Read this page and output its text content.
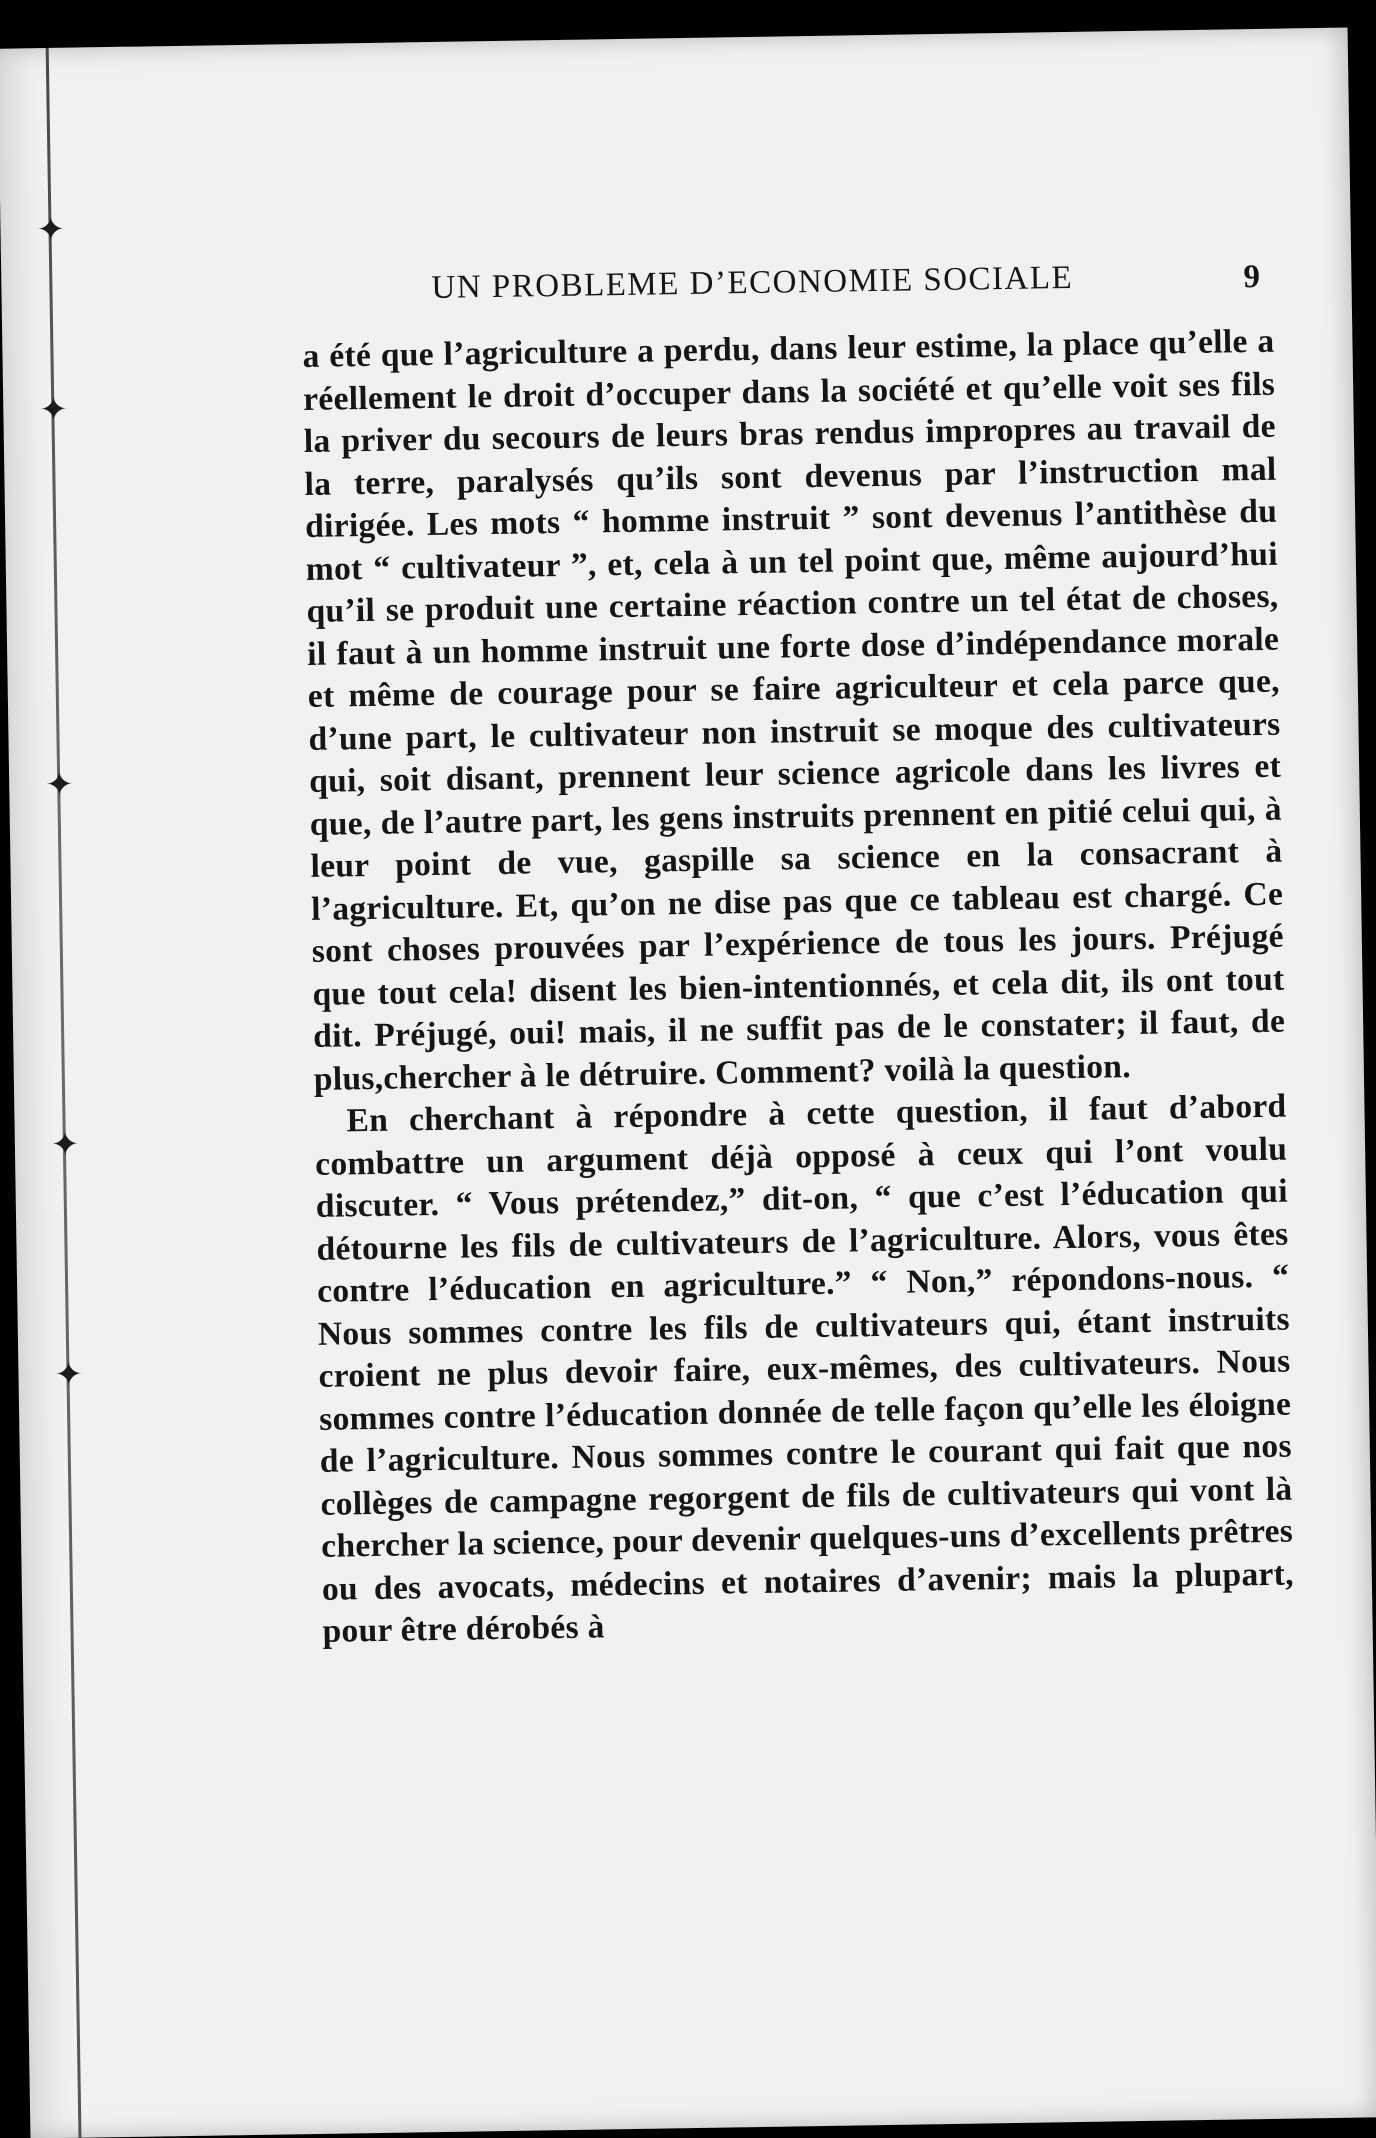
✦
✦
✦
✦
✦
UN PROBLEME D’ECONOMIE SOCIALE	9

a été que l’agriculture a perdu, dans leur estime, la place qu’elle a réellement le droit d’occuper dans la société et qu’elle voit ses fils la priver du secours de leurs bras rendus impropres au travail de la terre, paralysés qu’ils sont devenus par l’instruction mal dirigée. Les mots “ homme instruit ” sont devenus l’antithèse du mot “ cultivateur ”, et, cela à un tel point que, même aujourd’hui qu’il se produit une certaine réaction contre un tel état de choses, il faut à un homme instruit une forte dose d’indépendance morale et même de courage pour se faire agriculteur et cela parce que, d’une part, le cultivateur non instruit se moque des cultivateurs qui, soit disant, prennent leur science agricole dans les livres et que, de l’autre part, les gens instruits prennent en pitié celui qui, à leur point de vue, gaspille sa science en la consacrant à l’agriculture. Et, qu’on ne dise pas que ce tableau est chargé. Ce sont choses prouvées par l’expérience de tous les jours. Préjugé que tout cela! disent les bien-intentionnés, et cela dit, ils ont tout dit. Préjugé, oui! mais, il ne suffit pas de le constater; il faut, de plus,chercher à le détruire. Comment? voilà la question.

En cherchant à répondre à cette question, il faut d’abord combattre un argument déjà opposé à ceux qui l’ont voulu discuter. “ Vous prétendez,” dit-on, “ que c’est l’éducation qui détourne les fils de cultivateurs de l’agriculture. Alors, vous êtes contre l’éducation en agriculture.” “ Non,” répondons-nous. “ Nous sommes contre les fils de cultivateurs qui, étant instruits croient ne plus devoir faire, eux-mêmes, des cultivateurs. Nous sommes contre l’éducation donnée de telle façon qu’elle les éloigne de l’agriculture. Nous sommes contre le courant qui fait que nos collèges de campagne regorgent de fils de cultivateurs qui vont là chercher la science, pour devenir quelques-uns d’excellents prêtres ou des avocats, médecins et notaires d’avenir; mais la plupart, pour être dérobés à
